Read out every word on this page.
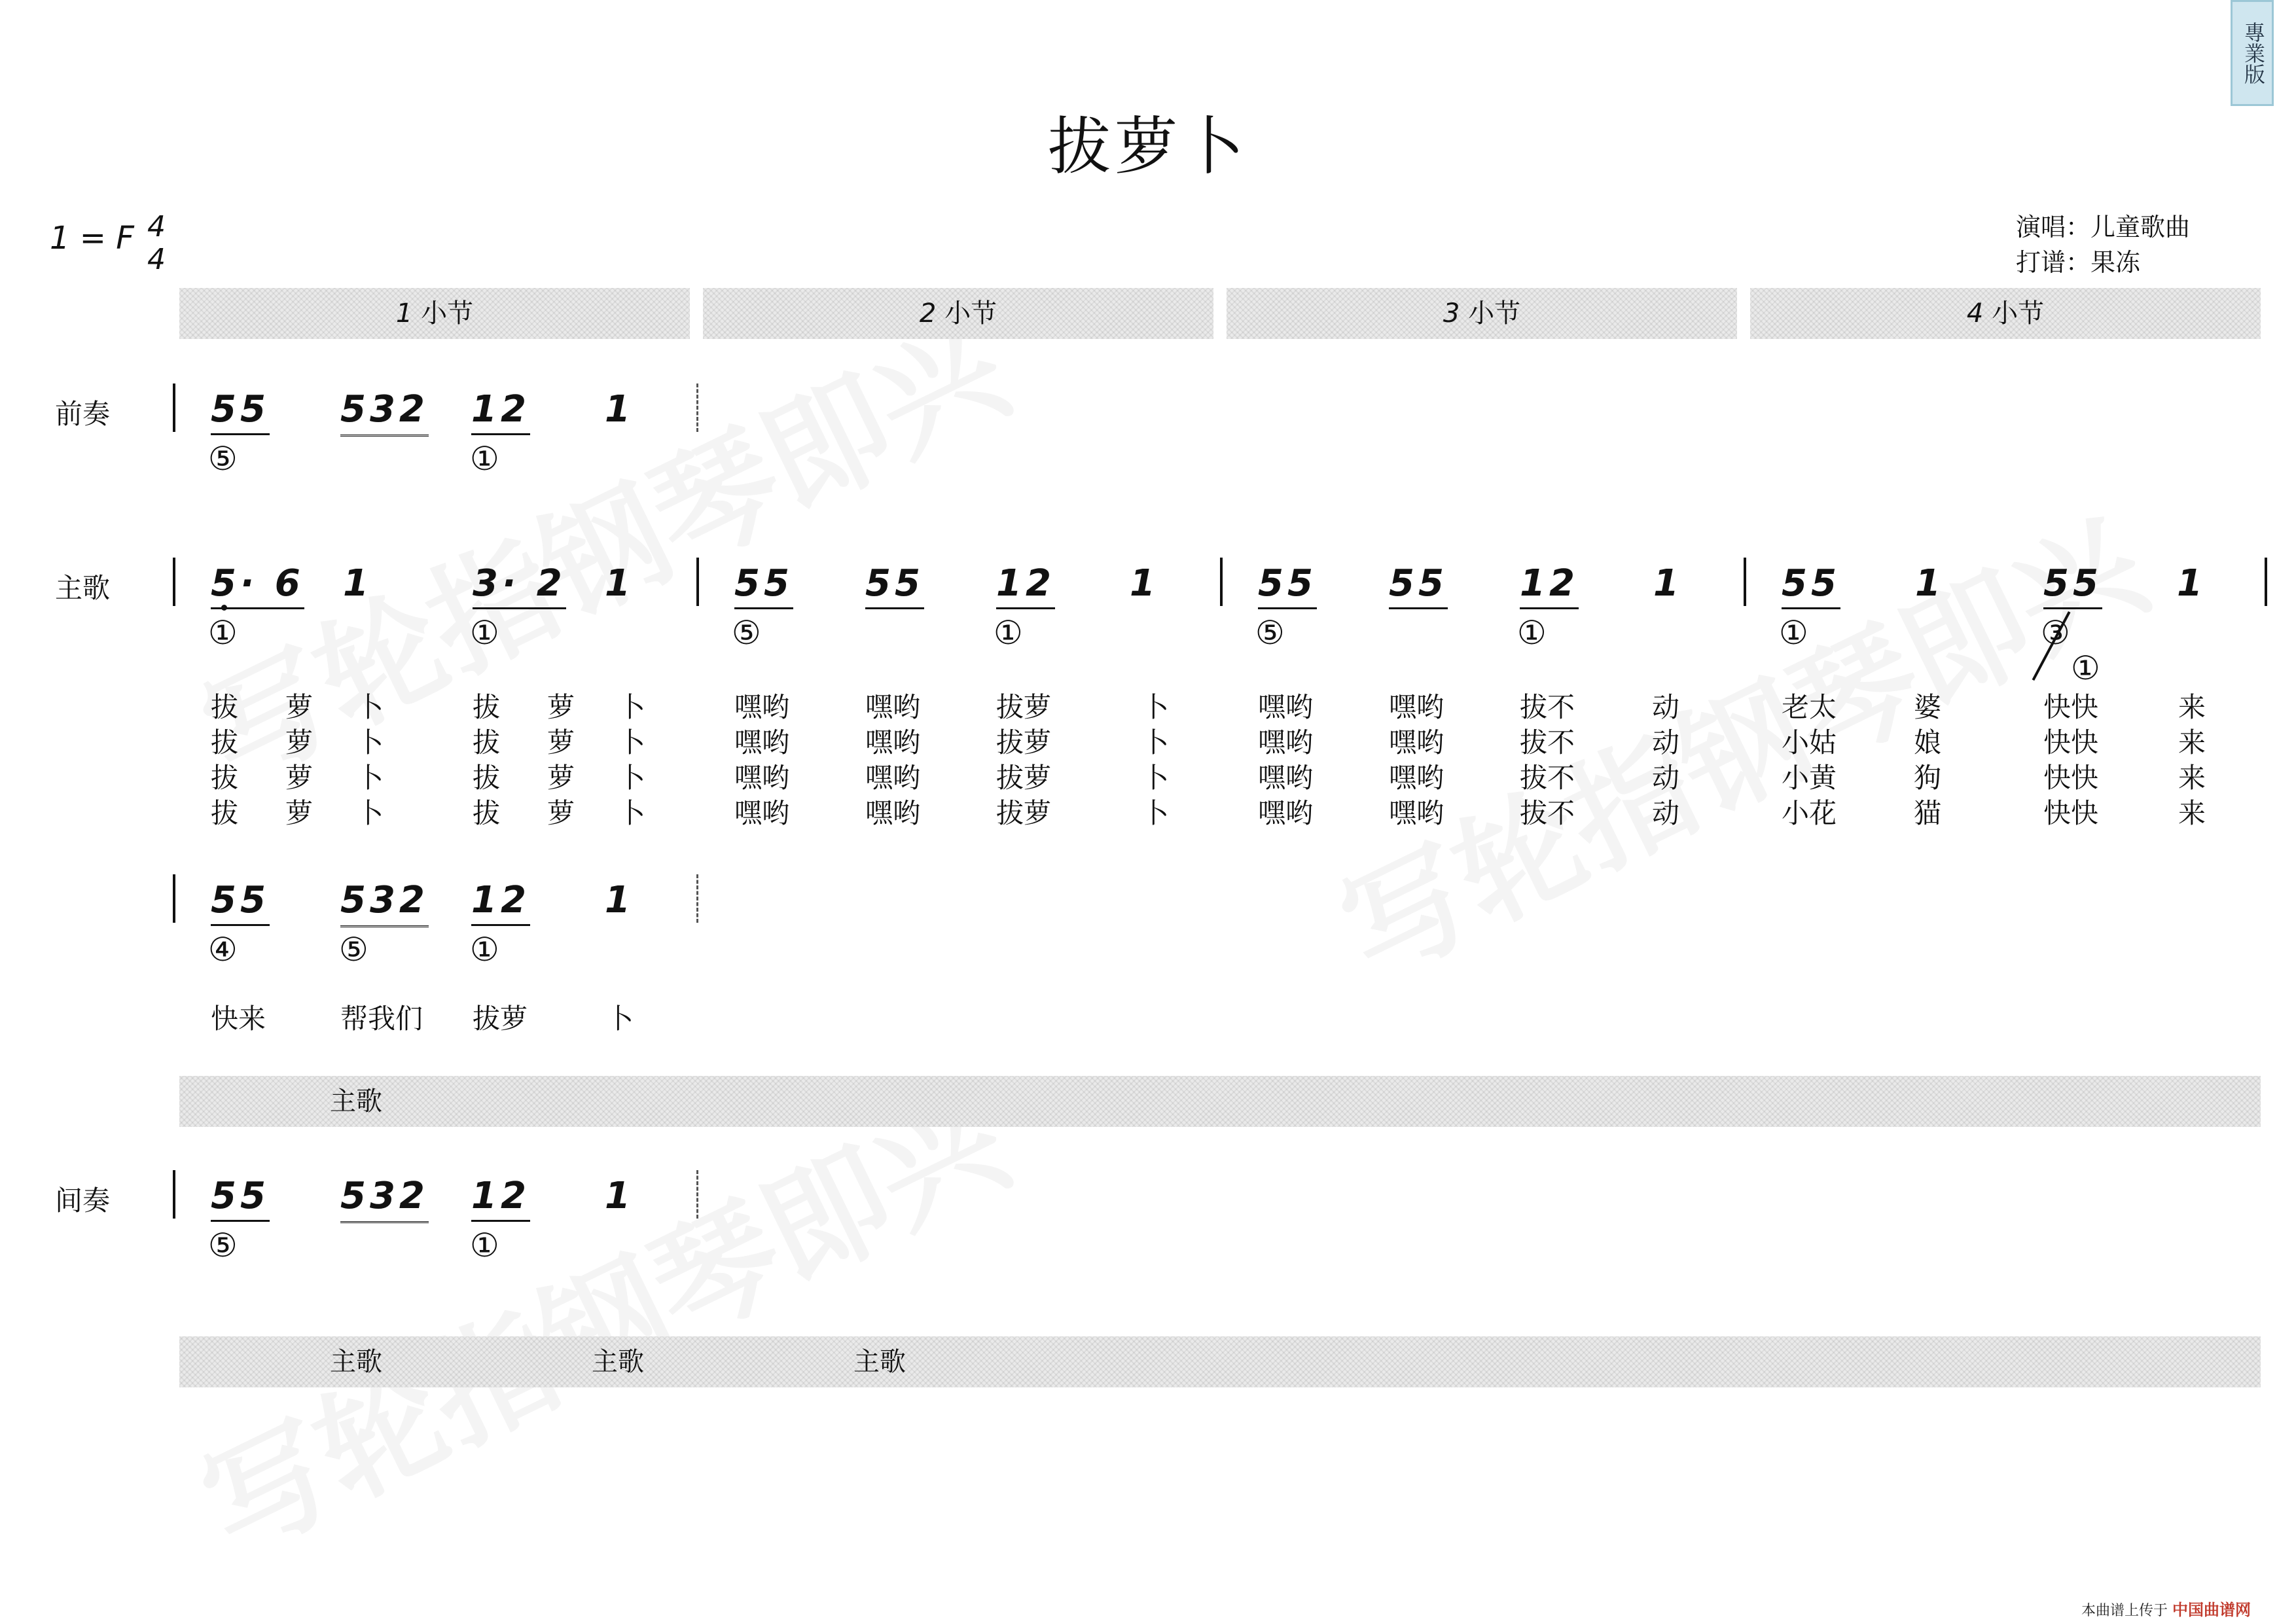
專業版
拔萝卜
1 = F 4
4
演唱：儿童歌曲
打谱：果冻
1 小节	2 小节	3 小节	4 小节
前奏	55 532 12 1
⑤	①
主歌	5· 6 1	3· 2 1	55 55 12 1	55 55 12 1	55 1	55 1
①	①	⑤	①	⑤	①	①	③
①
拔 萝 卜	拔 萝 卜	嘿哟	嘿哟	拔萝	卜	嘿哟	嘿哟	拔不	动	老太	婆	快快	来
拔 萝 卜	拔 萝 卜	嘿哟	嘿哟	拔萝	卜	嘿哟	嘿哟	拔不	动	小姑	娘	快快	来
拔 萝 卜	拔 萝 卜	嘿哟	嘿哟	拔萝	卜	嘿哟	嘿哟	拔不	动	小黄	狗	快快	来
拔 萝 卜	拔 萝 卜	嘿哟	嘿哟	拔萝	卜	嘿哟	嘿哟	拔不	动	小花	猫	快快	来
55 532 12 1
④	⑤	①
快来	帮我们 拔萝	卜
主歌
间奏	55 532 12 1
⑤	①
主歌	主歌	主歌
本曲谱上传于 中国曲谱网
